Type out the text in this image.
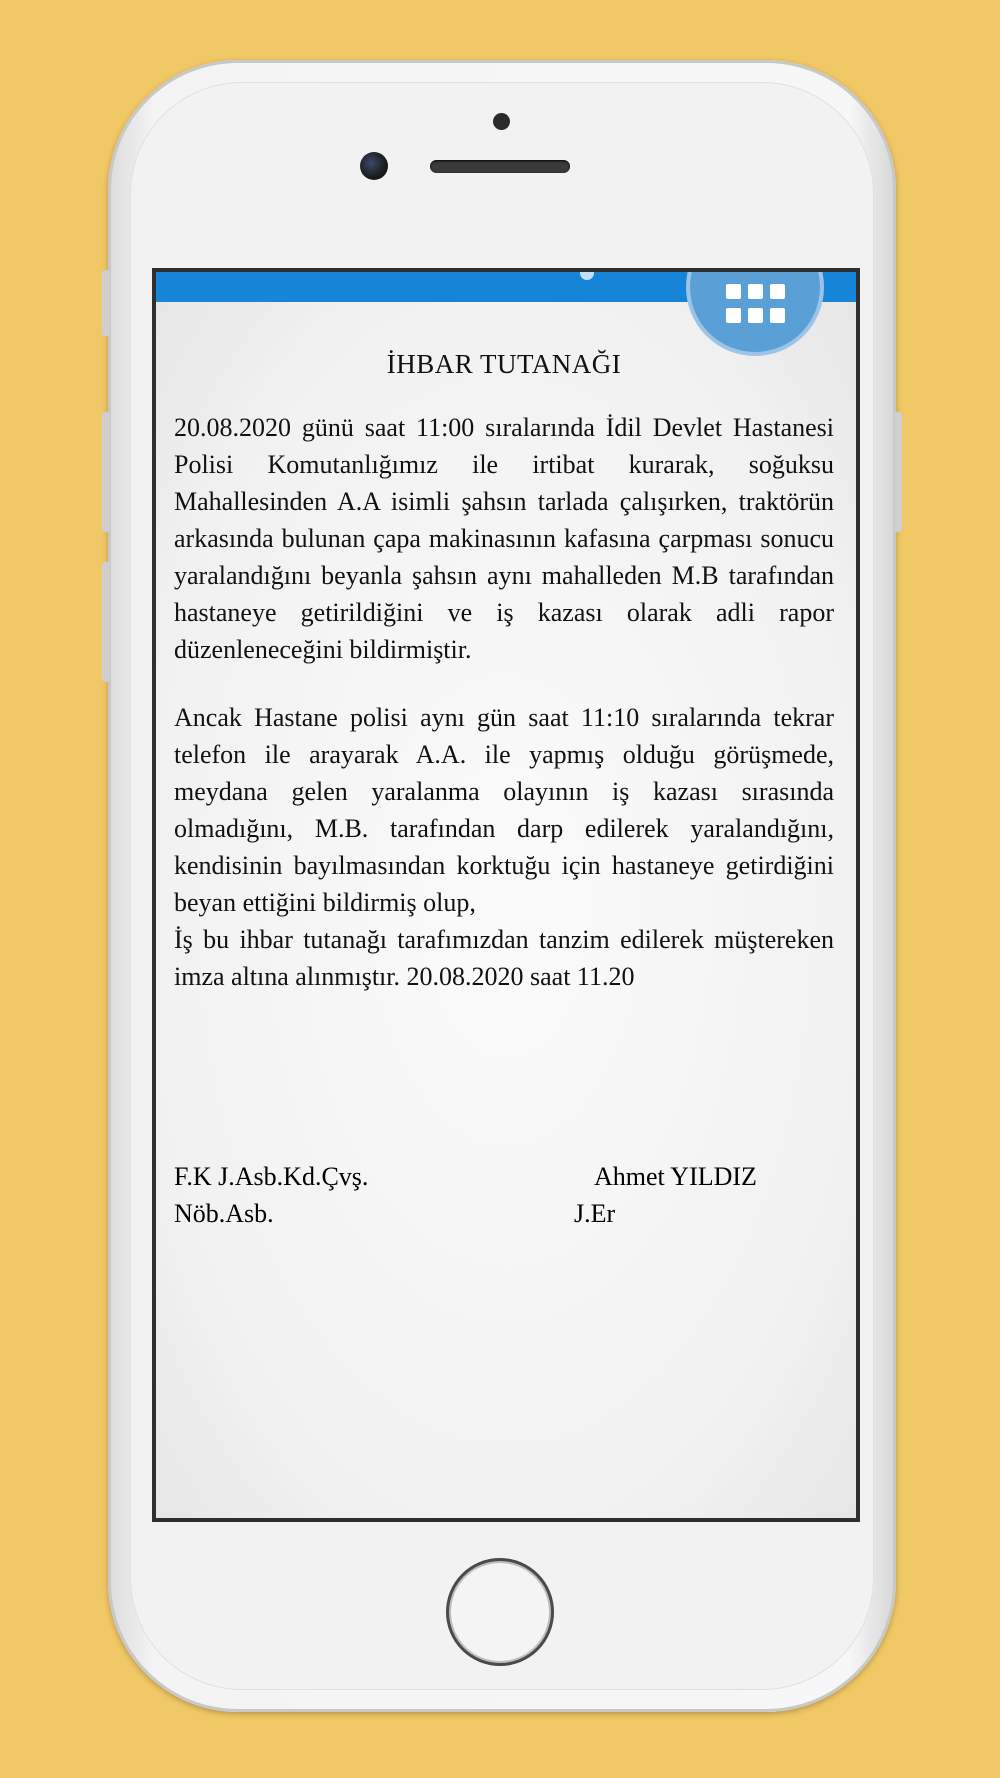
İHBAR TUTANAĞI

20.08.2020 günü saat 11:00 sıralarında İdil Devlet Hastanesi Polisi Komutanlığımız ile irtibat kurarak, soğuksu Mahallesinden A.A isimli şahsın tarlada çalışırken, traktörün arkasında bulunan çapa makinasının kafasına çarpması sonucu yaralandığını beyanla şahsın aynı mahalleden M.B tarafından hastaneye getirildiğini ve iş kazası olarak adli rapor düzenleneceğini bildirmiştir.

Ancak Hastane polisi aynı gün saat 11:10 sıralarında tekrar telefon ile arayarak A.A. ile yapmış olduğu görüşmede, meydana gelen yaralanma olayının iş kazası sırasında olmadığını, M.B. tarafından darp edilerek yaralandığını, kendisinin bayılmasından korktuğu için hastaneye getirdiğini beyan ettiğini bildirmiş olup,

İş bu ihbar tutanağı tarafımızdan tanzim edilerek müştereken imza altına alınmıştır. 20.08.2020 saat 11.20

F.K J.Asb.Kd.Çvş.
Nöb.Asb.
Ahmet YILDIZ
J.Er
